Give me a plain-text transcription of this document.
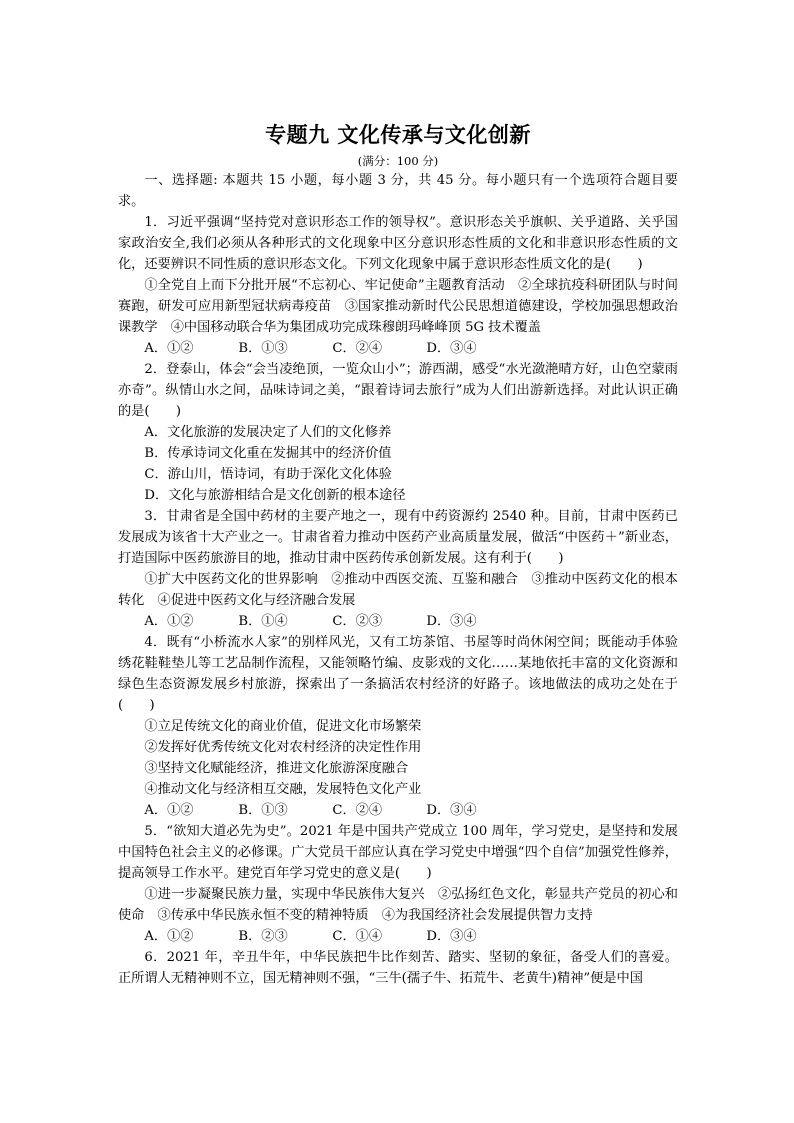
专题九 文化传承与文化创新

(满分：100 分)

一、选择题: 本题共 15 小题，每小题 3 分，共 45 分。每小题只有一个选项符合题目要求。

1．习近平强调“坚持党对意识形态工作的领导权”。意识形态关乎旗帜、关乎道路、关乎国家政治安全,我们必须从各种形式的文化现象中区分意识形态性质的文化和非意识形态性质的文化，还要辨识不同性质的意识形态文化。下列文化现象中属于意识形态性质文化的是(　　)

①全党自上而下分批开展“不忘初心、牢记使命”主题教育活动　②全球抗疫科研团队与时间赛跑，研发可应用新型冠状病毒疫苗　③国家推动新时代公民思想道德建设，学校加强思想政治课教学　④中国移动联合华为集团成功完成珠穆朗玛峰峰顶 5G 技术覆盖

A．①②	B．①③	C．②④	D．③④

2．登泰山，体会“会当凌绝顶，一览众山小”；游西湖，感受“水光潋滟晴方好，山色空蒙雨亦奇”。纵情山水之间，品味诗词之美，“跟着诗词去旅行”成为人们出游新选择。对此认识正确的是(　　)

A．文化旅游的发展决定了人们的文化修养

B．传承诗词文化重在发掘其中的经济价值

C．游山川，悟诗词，有助于深化文化体验

D．文化与旅游相结合是文化创新的根本途径

3．甘肃省是全国中药材的主要产地之一，现有中药资源约 2540 种。目前，甘肃中医药已发展成为该省十大产业之一。甘肃省着力推动中医药产业高质量发展，做活“中医药＋”新业态，打造国际中医药旅游目的地，推动甘肃中医药传承创新发展。这有利于(　　)

①扩大中医药文化的世界影响　②推动中西医交流、互鉴和融合　③推动中医药文化的根本转化　④促进中医药文化与经济融合发展

A．①②	B．①④	C．②③	D．③④

4．既有“小桥流水人家”的别样风光，又有工坊茶馆、书屋等时尚休闲空间；既能动手体验绣花鞋鞋垫儿等工艺品制作流程，又能领略竹编、皮影戏的文化……某地依托丰富的文化资源和绿色生态资源发展乡村旅游，探索出了一条搞活农村经济的好路子。该地做法的成功之处在于(　　)

①立足传统文化的商业价值，促进文化市场繁荣

②发挥好优秀传统文化对农村经济的决定性作用

③坚持文化赋能经济，推进文化旅游深度融合

④推动文化与经济相互交融，发展特色文化产业

A．①②	B．①③	C．②④	D．③④

5．“欲知大道必先为史”。2021 年是中国共产党成立 100 周年，学习党史，是坚持和发展中国特色社会主义的必修课。广大党员干部应认真在学习党史中增强“四个自信”加强党性修养，提高领导工作水平。建党百年学习党史的意义是(　　)

①进一步凝聚民族力量，实现中华民族伟大复兴　②弘扬红色文化，彰显共产党员的初心和使命　③传承中华民族永恒不变的精神特质　④为我国经济社会发展提供智力支持

A．①②	B．②③	C．①④	D．③④

6．2021 年，辛丑牛年，中华民族把牛比作刻苦、踏实、坚韧的象征，备受人们的喜爱。正所谓人无精神则不立，国无精神则不强，“三牛(孺子牛、拓荒牛、老黄牛)精神”便是中国
